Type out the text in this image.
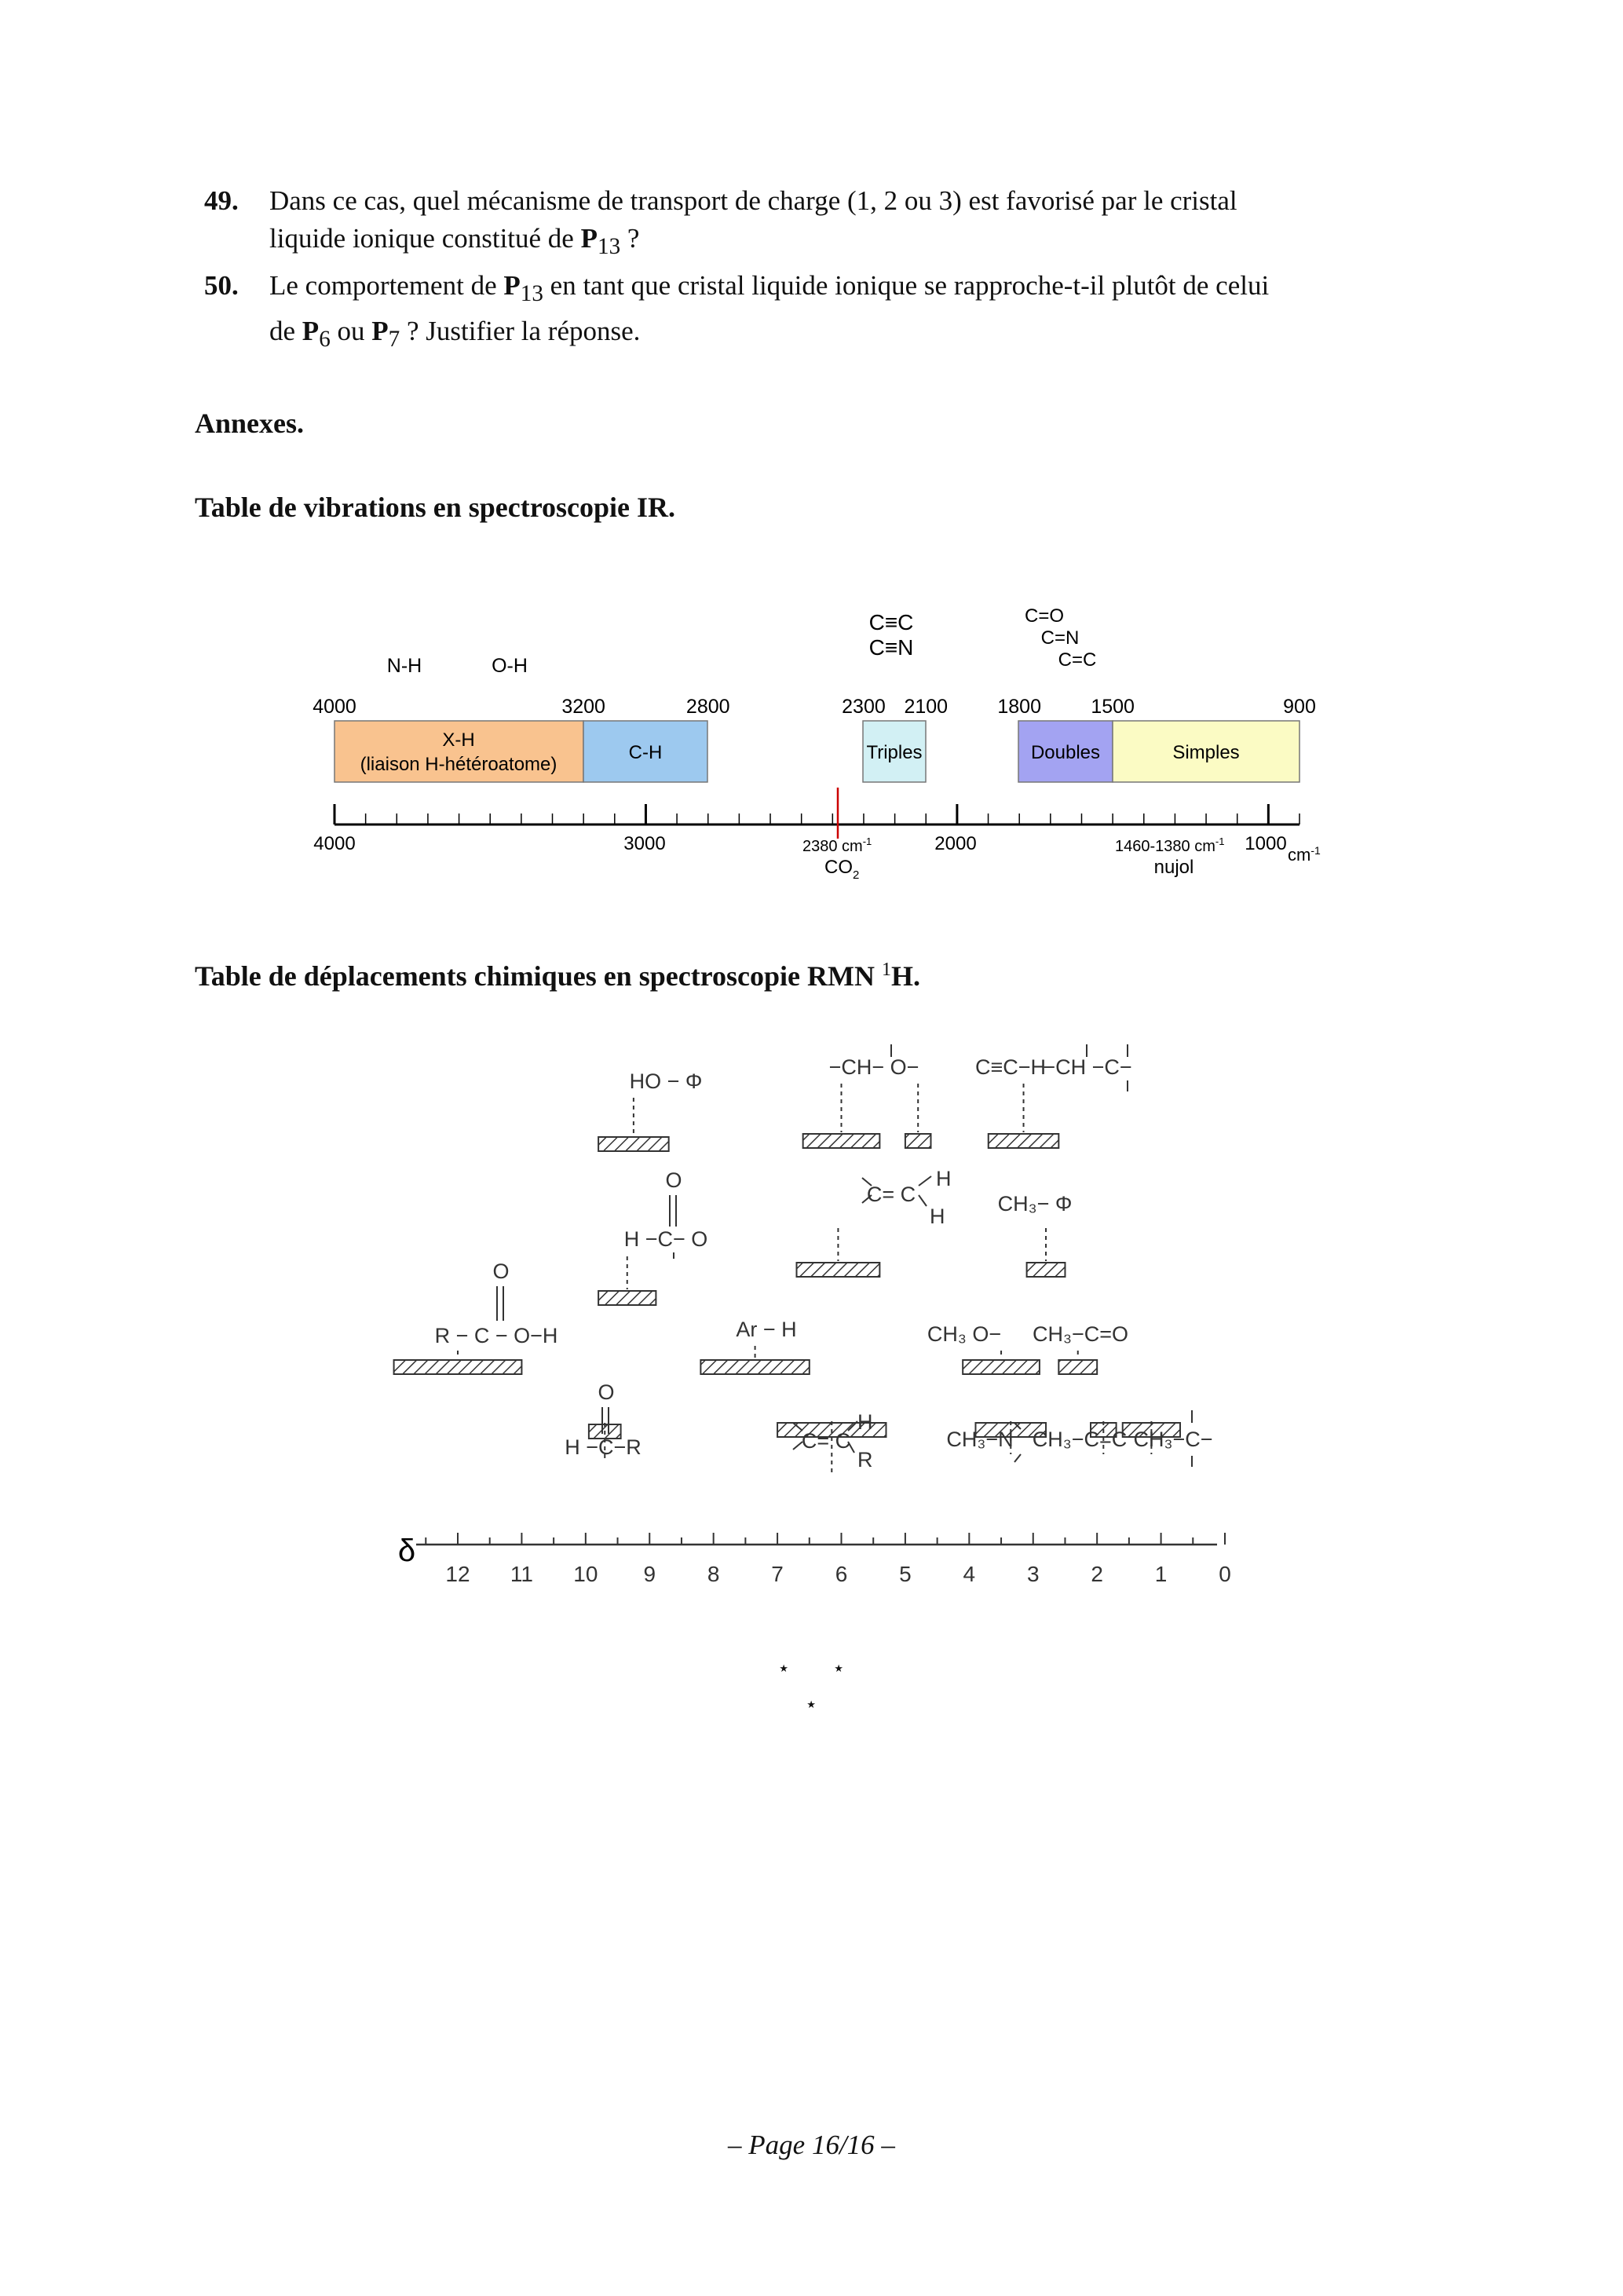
49. Dans ce cas, quel mécanisme de transport de charge (1, 2 ou 3) est favorisé par le cristal
liquide ionique constitué de $P_{13}$ ?
50. Le comportement de $P_{13}$ en tant que cristal liquide ionique se rapproche-t-il plutôt de celui
de $P_6$ ou $P_7$ ? Justifier la réponse.
Annexes.
Table de vibrations en spectroscopie IR.
N-H	O-H
C≡C
C≡N
C=O
C=N
C=C
4000	3200	2800	2300 2100	1800	1500	900
X-H
(liaison H-hétéroatome)
C-H	Triples	Doubles	Simples
4000	3000	2000	1000
$cm^{-1}$
2380 $cm^{-1}$
$CO_2$
1460-1380 $cm^{-1}$
nujol
Table de déplacements chimiques en spectroscopie RMN $^1$H.
HO − Φ
−CH− O−	C≡C−H
−CH −C−
O
H −C− O
C= C
H
H
CH₃− Φ
O
R − C − O−H	Ar − H	CH₃ O− CH₃−C=O
O
H −C−R	C= C
H
R
CH₃−N CH₃−C=C CH₃−C−
12 11 10 9 8 7 6 5 4 3 2 1 0
δ
⋆ ⋆
⋆
– Page 16/16 –
